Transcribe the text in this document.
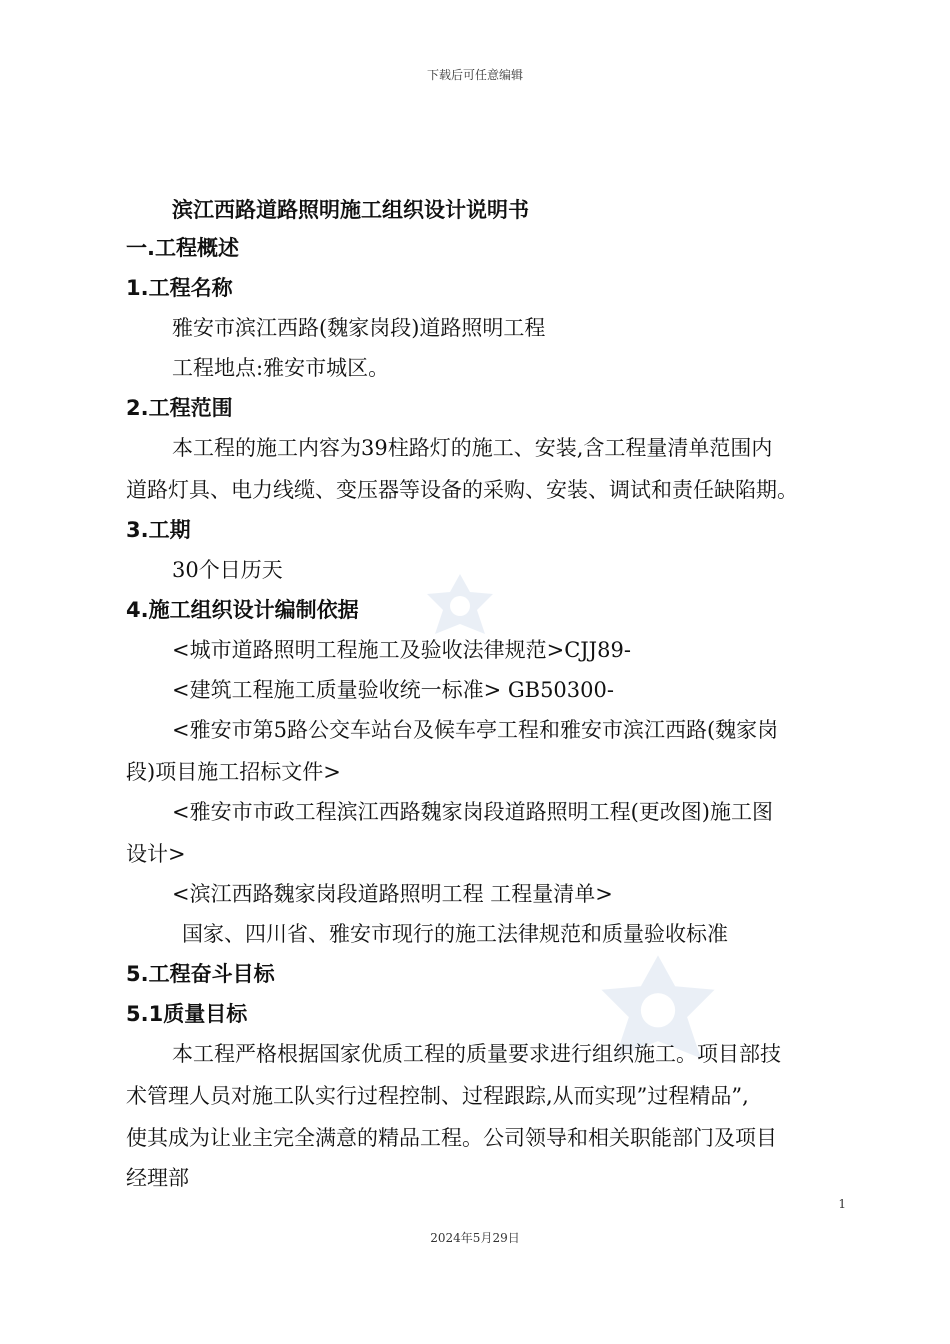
下载后可任意编辑
滨江西路道路照明施工组织设计说明书
一.工程概述
1.工程名称
雅安市滨江西路(魏家岗段)道路照明工程
工程地点:雅安市城区。
2.工程范围
本工程的施工内容为39柱路灯的施工、安装,含工程量清单范围内
道路灯具、电力线缆、变压器等设备的采购、安装、调试和责任缺陷期。
3.工期
30个日历天
4.施工组织设计编制依据
<城市道路照明工程施工及验收法律规范>CJJ89-
<建筑工程施工质量验收统一标准> GB50300-
<雅安市第5路公交车站台及候车亭工程和雅安市滨江西路(魏家岗
段)项目施工招标文件>
<雅安市市政工程滨江西路魏家岗段道路照明工程(更改图)施工图
设计>
<滨江西路魏家岗段道路照明工程 工程量清单>
国家、四川省、雅安市现行的施工法律规范和质量验收标准
5.工程奋斗目标
5.1质量目标
本工程严格根据国家优质工程的质量要求进行组织施工。项目部技
术管理人员对施工队实行过程控制、过程跟踪,从而实现”过程精品”,
使其成为让业主完全满意的精品工程。公司领导和相关职能部门及项目
经理部
1
2024年5月29日
